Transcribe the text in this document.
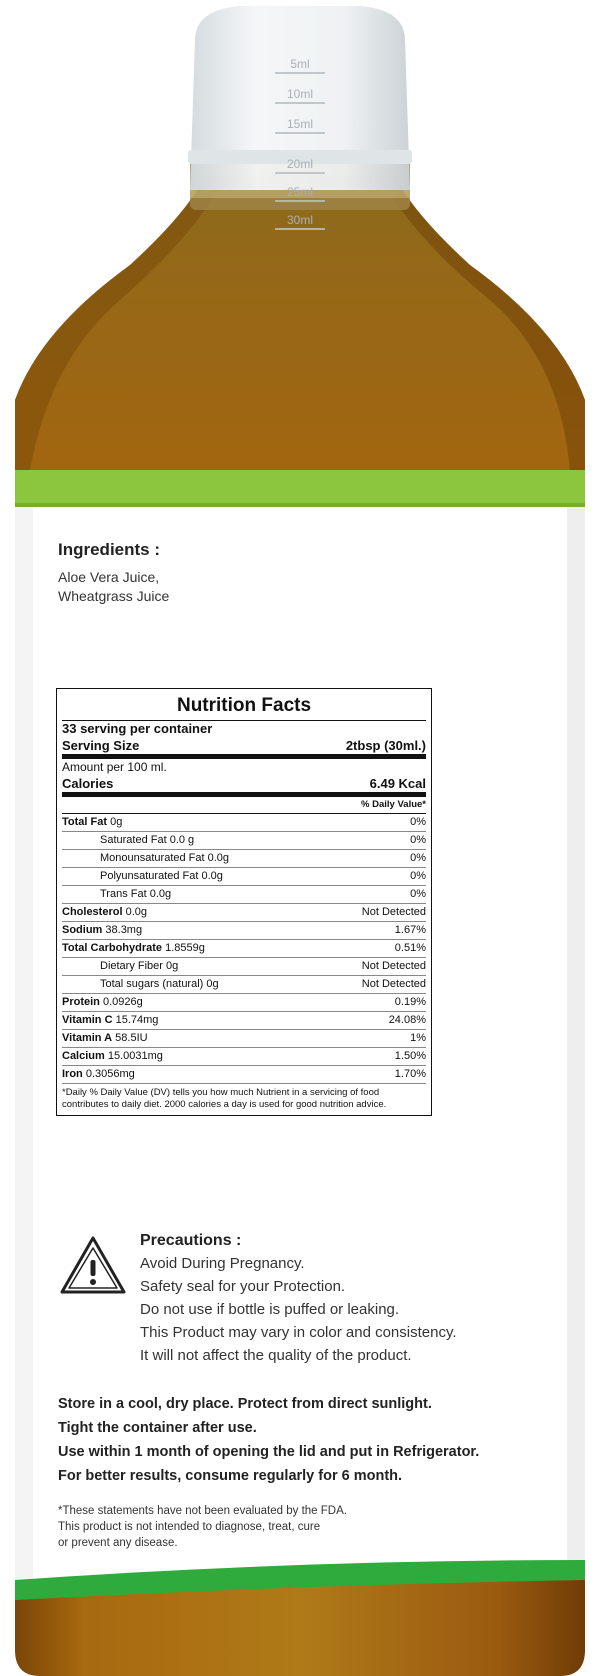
5ml
10ml
15ml
20ml
25ml
30ml
Ingredients :
Aloe Vera Juice,
Wheatgrass Juice
Nutrition Facts
33 serving per container
Serving Size	2tbsp (30ml.)
Amount per 100 ml.
Calories	6.49 Kcal
% Daily Value*
Total Fat 0g	0%
Saturated Fat 0.0 g	0%
Monounsaturated Fat 0.0g	0%
Polyunsaturated Fat 0.0g	0%
Trans Fat 0.0g	0%
Cholesterol 0.0g	Not Detected
Sodium 38.3mg	1.67%
Total Carbohydrate 1.8559g	0.51%
Dietary Fiber 0g	Not Detected
Total sugars (natural) 0g	Not Detected
Protein 0.0926g	0.19%
Vitamin C 15.74mg	24.08%
Vitamin A 58.5IU	1%
Calcium 15.0031mg	1.50%
Iron 0.3056mg	1.70%
*Daily % Daily Value (DV) tells you how much Nutrient in a servicing of food contributes to daily diet. 2000 calories a day is used for good nutrition advice.
Precautions :
Avoid During Pregnancy.
Safety seal for your Protection.
Do not use if bottle is puffed or leaking.
This Product may vary in color and consistency.
It will not affect the quality of the product.
Store in a cool, dry place. Protect from direct sunlight.
Tight the container after use.
Use within 1 month of opening the lid and put in Refrigerator.
For better results, consume regularly for 6 month.
*These statements have not been evaluated by the FDA.
This product is not intended to diagnose, treat, cure
or prevent any disease.
